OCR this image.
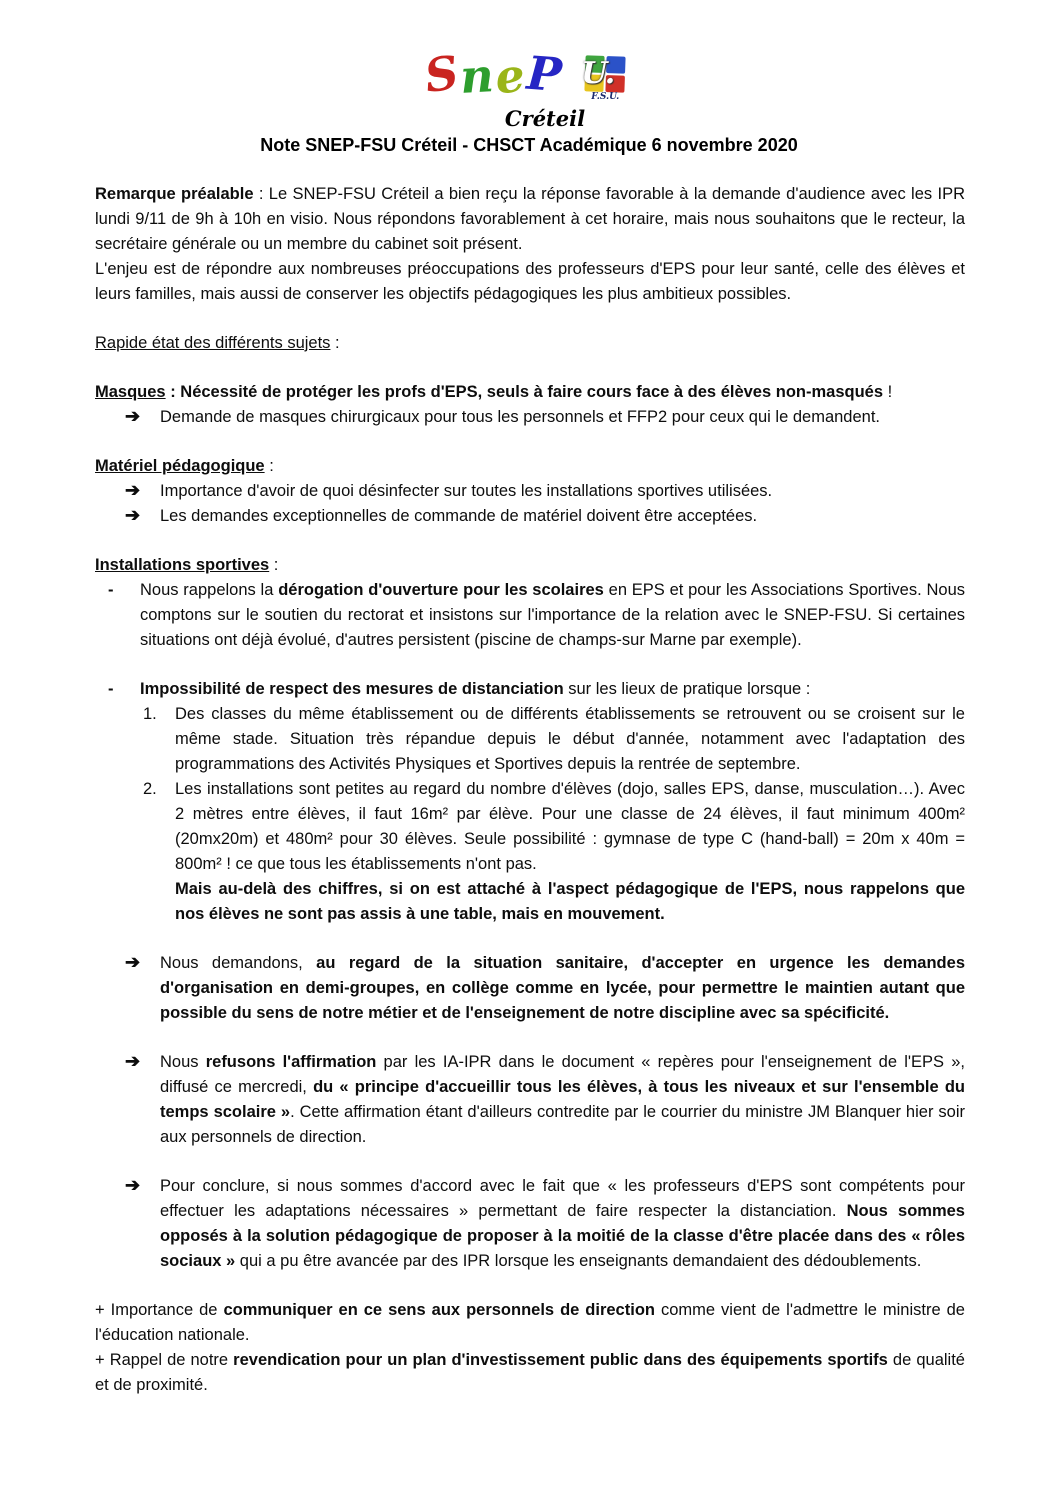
SneP U.
F.S.U.
Créteil
Note SNEP-FSU Créteil - CHSCT Académique 6 novembre 2020
Remarque préalable : Le SNEP-FSU Créteil a bien reçu la réponse favorable à la demande d'audience avec les IPR lundi 9/11 de 9h à 10h en visio. Nous répondons favorablement à cet horaire, mais nous souhaitons que le recteur, la secrétaire générale ou un membre du cabinet soit présent.
L'enjeu est de répondre aux nombreuses préoccupations des professeurs d'EPS pour leur santé, celle des élèves et leurs familles, mais aussi de conserver les objectifs pédagogiques les plus ambitieux possibles.
Rapide état des différents sujets :
Masques : Nécessité de protéger les profs d'EPS, seuls à faire cours face à des élèves non-masqués !
➔ Demande de masques chirurgicaux pour tous les personnels et FFP2 pour ceux qui le demandent.
Matériel pédagogique :
➔ Importance d'avoir de quoi désinfecter sur toutes les installations sportives utilisées.
➔ Les demandes exceptionnelles de commande de matériel doivent être acceptées.
Installations sportives :
- Nous rappelons la dérogation d'ouverture pour les scolaires en EPS et pour les Associations Sportives. Nous comptons sur le soutien du rectorat et insistons sur l'importance de la relation avec le SNEP-FSU. Si certaines situations ont déjà évolué, d'autres persistent (piscine de champs-sur Marne par exemple).
- Impossibilité de respect des mesures de distanciation sur les lieux de pratique lorsque :
1. Des classes du même établissement ou de différents établissements se retrouvent ou se croisent sur le même stade. Situation très répandue depuis le début d'année, notamment avec l'adaptation des programmations des Activités Physiques et Sportives depuis la rentrée de septembre.
2. Les installations sont petites au regard du nombre d'élèves (dojo, salles EPS, danse, musculation…). Avec 2 mètres entre élèves, il faut 16m² par élève. Pour une classe de 24 élèves, il faut minimum 400m² (20mx20m) et 480m² pour 30 élèves. Seule possibilité : gymnase de type C (hand-ball) = 20m x 40m = 800m² ! ce que tous les établissements n'ont pas.
Mais au-delà des chiffres, si on est attaché à l'aspect pédagogique de l'EPS, nous rappelons que nos élèves ne sont pas assis à une table, mais en mouvement.
➔ Nous demandons, au regard de la situation sanitaire, d'accepter en urgence les demandes d'organisation en demi-groupes, en collège comme en lycée, pour permettre le maintien autant que possible du sens de notre métier et de l'enseignement de notre discipline avec sa spécificité.
➔ Nous refusons l'affirmation par les IA-IPR dans le document « repères pour l'enseignement de l'EPS », diffusé ce mercredi, du « principe d'accueillir tous les élèves, à tous les niveaux et sur l'ensemble du temps scolaire ». Cette affirmation étant d'ailleurs contredite par le courrier du ministre JM Blanquer hier soir aux personnels de direction.
➔ Pour conclure, si nous sommes d'accord avec le fait que « les professeurs d'EPS sont compétents pour effectuer les adaptations nécessaires » permettant de faire respecter la distanciation. Nous sommes opposés à la solution pédagogique de proposer à la moitié de la classe d'être placée dans des « rôles sociaux » qui a pu être avancée par des IPR lorsque les enseignants demandaient des dédoublements.
+ Importance de communiquer en ce sens aux personnels de direction comme vient de l'admettre le ministre de l'éducation nationale.
+ Rappel de notre revendication pour un plan d'investissement public dans des équipements sportifs de qualité et de proximité.
